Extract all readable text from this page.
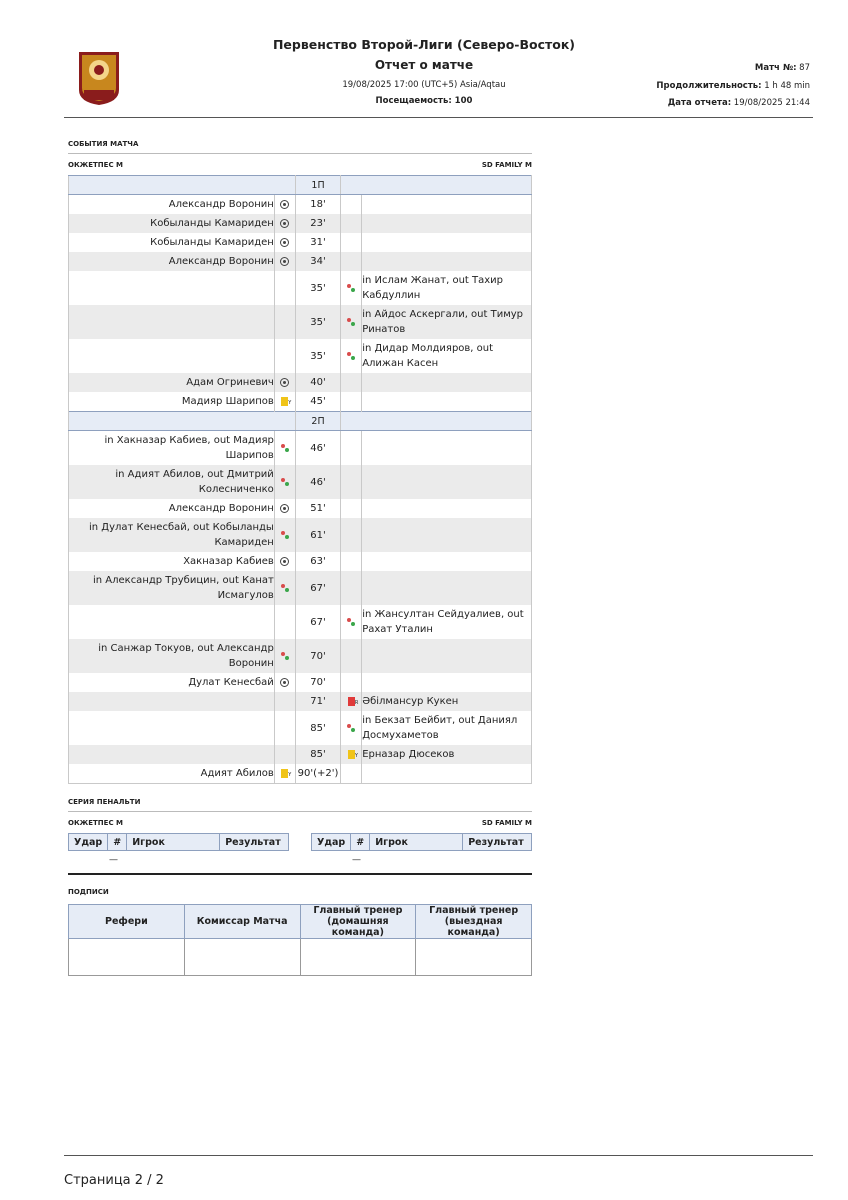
Первенство Второй-Лиги (Северо-Восток)
Отчет о матче
19/08/2025 17:00 (UTC+5) Asia/Aqtau
Посещаемость: 100
Матч №: 87
Продолжительность: 1 h 48 min
Дата отчета: 19/08/2025 21:44
СОБЫТИЯ МАТЧА
ОКЖЕТПЕС М	SD FAMILY M
		1П		

Александр Воронин		18'		

Кобыланды Камариден		23'		

Кобыланды Камариден		31'		

Александр Воронин		34'		

		35'		in Ислам Жанат, out Тахир Кабдуллин

		35'		in Айдос Аскергали, out Тимур Ринатов

		35'		in Дидар Молдияров, out Алижан Касен

Адам Огриневич		40'		

Мадияр Шарипов	Y	45'		

		2П		

in Хакназар Кабиев, out Мадияр Шарипов		46'		

in Адият Абилов, out Дмитрий Колесниченко		46'		

Александр Воронин		51'		

in Дулат Кенесбай, out Кобыланды Камариден		61'		

Хакназар Кабиев		63'		

in Александр Трубицин, out Канат Исмагулов		67'		

		67'		in Жансултан Сейдуалиев, out Рахат Уталин

in Санжар Токуов, out Александр Воронин		70'		

Дулат Кенесбай		70'		

		71'	R	Әбілмансур Кукен

		85'		in Бекзат Бейбит, out Даниял Досмухаметов

		85'	Y	Ерназар Дюсеков

Адият Абилов	Y	90'(+2')		
СЕРИЯ ПЕНАЛЬТИ
ОКЖЕТПЕС М	SD FAMILY M
Удар	#	Игрок	Результат	Удар	#	Игрок	Результат
—	—
ПОДПИСИ
Рефери	Комиссар Матча	Главный тренер (домашняя команда)	Главный тренер (выездная команда)

Страница 2 / 2
